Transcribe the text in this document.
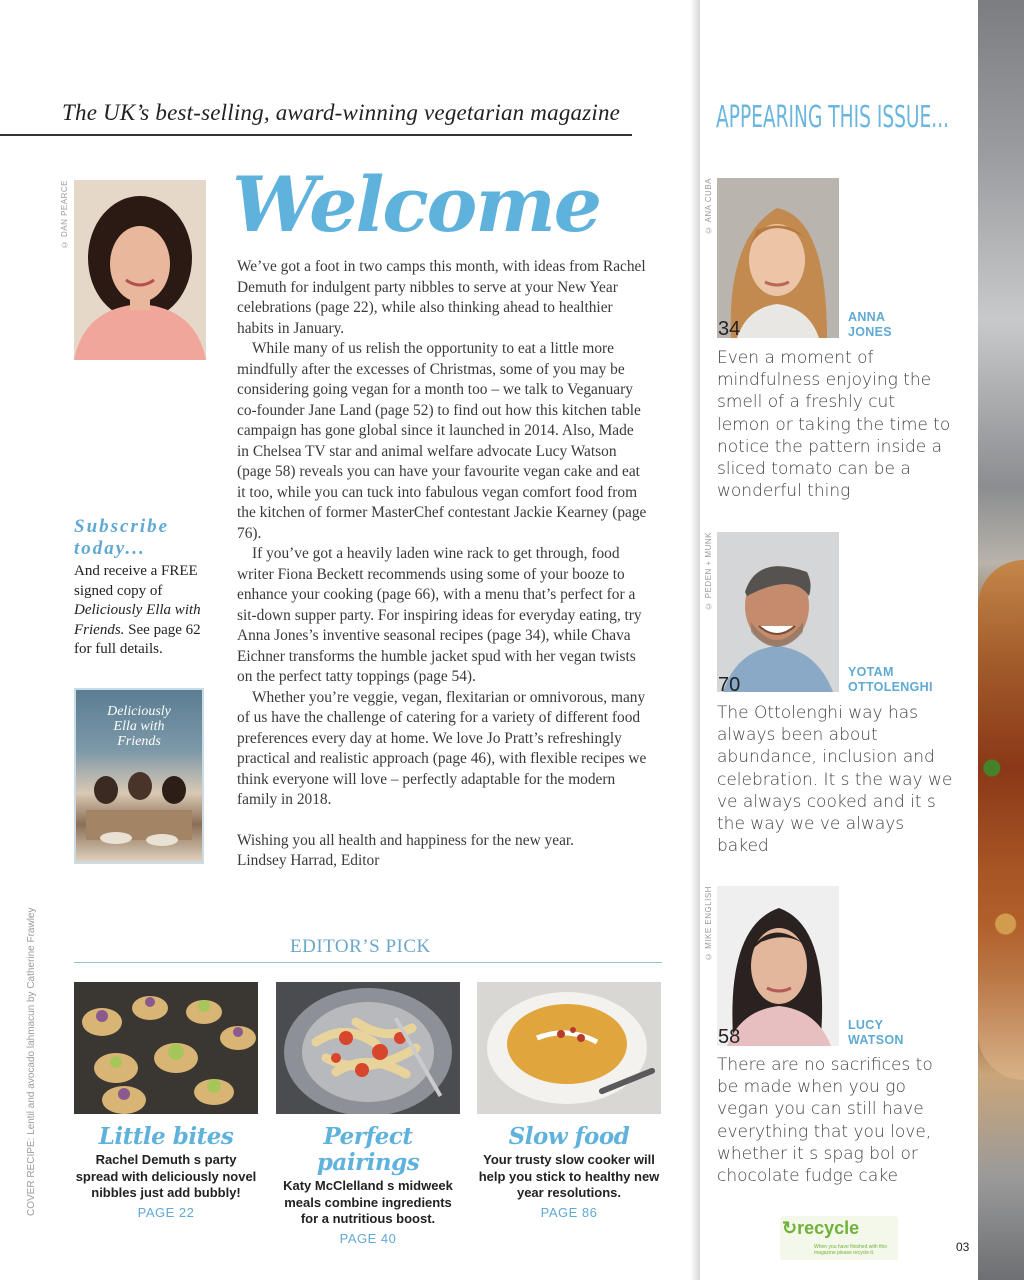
The UK’s best-selling, award-winning vegetarian magazine
© DAN PEARCE Welcome

We’ve got a foot in two camps this month, with ideas from Rachel Demuth for indulgent party nibbles to serve at your New Year celebrations (page 22), while also thinking ahead to healthier habits in January.

While many of us relish the opportunity to eat a little more mindfully after the excesses of Christmas, some of you may be considering going vegan for a month too – we talk to Veganuary co-founder Jane Land (page 52) to find out how this kitchen table campaign has gone global since it launched in 2014. Also, Made in Chelsea TV star and animal welfare advocate Lucy Watson (page 58) reveals you can have your favourite vegan cake and eat it too, while you can tuck into fabulous vegan comfort food from the kitchen of former MasterChef contestant Jackie Kearney (page 76).

If you’ve got a heavily laden wine rack to get through, food writer Fiona Beckett recommends using some of your booze to enhance your cooking (page 66), with a menu that’s perfect for a sit-down supper party. For inspiring ideas for everyday eating, try Anna Jones’s inventive seasonal recipes (page 34), while Chava Eichner transforms the humble jacket spud with her vegan twists on the perfect tatty toppings (page 54).

Whether you’re veggie, vegan, flexitarian or omnivorous, many of us have the challenge of catering for a variety of different food preferences every day at home. We love Jo Pratt’s refreshingly practical and realistic approach (page 46), with flexible recipes we think everyone will love – perfectly adaptable for the modern family in 2018.

Wishing you all health and happiness for the new year.

Lindsey Harrad, Editor

Subscribe
today...
And receive a FREE signed copy of Deliciously Ella with Friends. See page 62 for full details.
Deliciously
Ella with
Friends
EDITOR’S PICK
Little bites
Rachel Demuth s party spread with deliciously novel nibbles just add bubbly!
PAGE 22
Perfect pairings
Katy McClelland s midweek meals combine ingredients for a nutritious boost.
PAGE 40
Slow food
Your trusty slow cooker will help you stick to healthy new year resolutions.
PAGE 86
COVER RECIPE: Lentil and avocado lahmacun by Catherine Frawley
APPEARING THIS ISSUE...
© ANA CUBA
34
ANNA
JONES
Even a moment of mindfulness enjoying the smell of a freshly cut lemon or taking the time to notice the pattern inside a sliced tomato can be a wonderful thing
© PEDEN + MUNK
70
YOTAM
OTTOLENGHI
The Ottolenghi way has always been about abundance, inclusion and celebration. It s the way we ve always cooked and it s the way we ve always baked
© MIKE ENGLISH
58
LUCY
WATSON
There are no sacrifices to be made when you go vegan you can still have everything that you love, whether it s spag bol or chocolate fudge cake
↻recycle
When you have finished with this magazine please recycle it.	03
